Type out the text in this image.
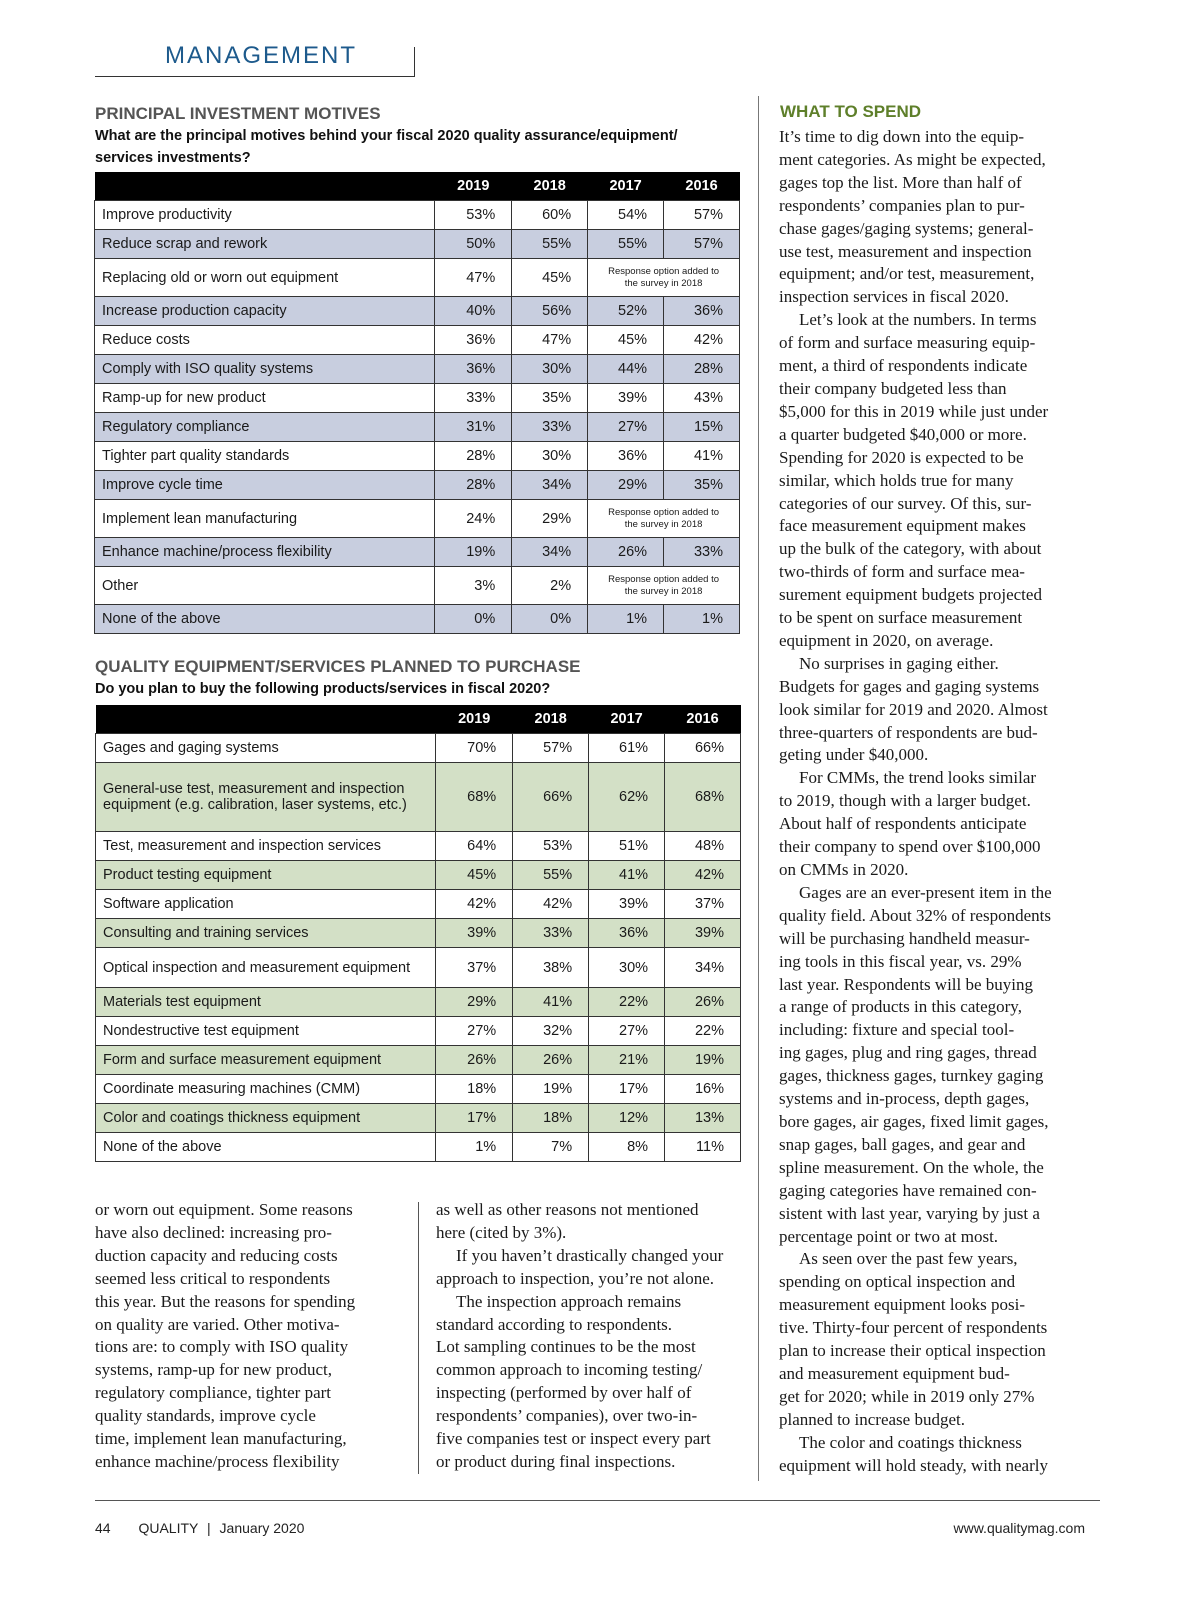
MANAGEMENT
PRINCIPAL INVESTMENT MOTIVES
What are the principal motives behind your fiscal 2020 quality assurance/equipment/ services investments?
	2019	2018	2017	2016
Improve productivity	53%	60%	54%	57%
Reduce scrap and rework	50%	55%	55%	57%
Replacing old or worn out equipment	47%	45%	Response option added to
the survey in 2018	

Increase production capacity	40%	56%	52%	36%
Reduce costs	36%	47%	45%	42%
Comply with ISO quality systems	36%	30%	44%	28%
Ramp-up for new product	33%	35%	39%	43%
Regulatory compliance	31%	33%	27%	15%
Tighter part quality standards	28%	30%	36%	41%
Improve cycle time	28%	34%	29%	35%
Implement lean manufacturing	24%	29%	Response option added to
the survey in 2018	

Enhance machine/process flexibility	19%	34%	26%	33%
Other	3%	2%	Response option added to
the survey in 2018	

None of the above	0%	0%	1%	1%
QUALITY EQUIPMENT/SERVICES PLANNED TO PURCHASE
Do you plan to buy the following products/services in fiscal 2020?
	2019	2018	2017	2016
Gages and gaging systems	70%	57%	61%	66%
General-use test, measurement and inspection equipment (e.g. calibration, laser systems, etc.)	68%	66%	62%	68%
Test, measurement and inspection services	64%	53%	51%	48%
Product testing equipment	45%	55%	41%	42%
Software application	42%	42%	39%	37%
Consulting and training services	39%	33%	36%	39%
Optical inspection and measurement equipment	37%	38%	30%	34%
Materials test equipment	29%	41%	22%	26%
Nondestructive test equipment	27%	32%	27%	22%
Form and surface measurement equipment	26%	26%	21%	19%
Coordinate measuring machines (CMM)	18%	19%	17%	16%
Color and coatings thickness equipment	17%	18%	12%	13%
None of the above	1%	7%	8%	11%
or worn out equipment. Some reasons
have also declined: increasing pro-
duction capacity and reducing costs
seemed less critical to respondents
this year. But the reasons for spending
on quality are varied. Other motiva-
tions are: to comply with ISO quality
systems, ramp-up for new product,
regulatory compliance, tighter part
quality standards, improve cycle
time, implement lean manufacturing,
enhance machine/process flexibility
as well as other reasons not mentioned
here (cited by 3%).
If you haven’t drastically changed your
approach to inspection, you’re not alone.
The inspection approach remains
standard according to respondents.
Lot sampling continues to be the most
common approach to incoming testing/
inspecting (performed by over half of
respondents’ companies), over two-in-
five companies test or inspect every part
or product during final inspections.
WHAT TO SPEND
It’s time to dig down into the equip-
ment categories. As might be expected,
gages top the list. More than half of
respondents’ companies plan to pur-
chase gages/gaging systems; general-
use test, measurement and inspection
equipment; and/or test, measurement,
inspection services in fiscal 2020.
Let’s look at the numbers. In terms
of form and surface measuring equip-
ment, a third of respondents indicate
their company budgeted less than
$5,000 for this in 2019 while just under
a quarter budgeted $40,000 or more.
Spending for 2020 is expected to be
similar, which holds true for many
categories of our survey. Of this, sur-
face measurement equipment makes
up the bulk of the category, with about
two-thirds of form and surface mea-
surement equipment budgets projected
to be spent on surface measurement
equipment in 2020, on average.
No surprises in gaging either.
Budgets for gages and gaging systems
look similar for 2019 and 2020. Almost
three-quarters of respondents are bud-
geting under $40,000.
For CMMs, the trend looks similar
to 2019, though with a larger budget.
About half of respondents anticipate
their company to spend over $100,000
on CMMs in 2020.
Gages are an ever-present item in the
quality field. About 32% of respondents
will be purchasing handheld measur-
ing tools in this fiscal year, vs. 29%
last year. Respondents will be buying
a range of products in this category,
including: fixture and special tool-
ing gages, plug and ring gages, thread
gages, thickness gages, turnkey gaging
systems and in-process, depth gages,
bore gages, air gages, fixed limit gages,
snap gages, ball gages, and gear and
spline measurement. On the whole, the
gaging categories have remained con-
sistent with last year, varying by just a
percentage point or two at most.
As seen over the past few years,
spending on optical inspection and
measurement equipment looks posi-
tive. Thirty-four percent of respondents
plan to increase their optical inspection
and measurement equipment bud-
get for 2020; while in 2019 only 27%
planned to increase budget.
The color and coatings thickness
equipment will hold steady, with nearly
44 QUALITY | January 2020	www.qualitymag.com
